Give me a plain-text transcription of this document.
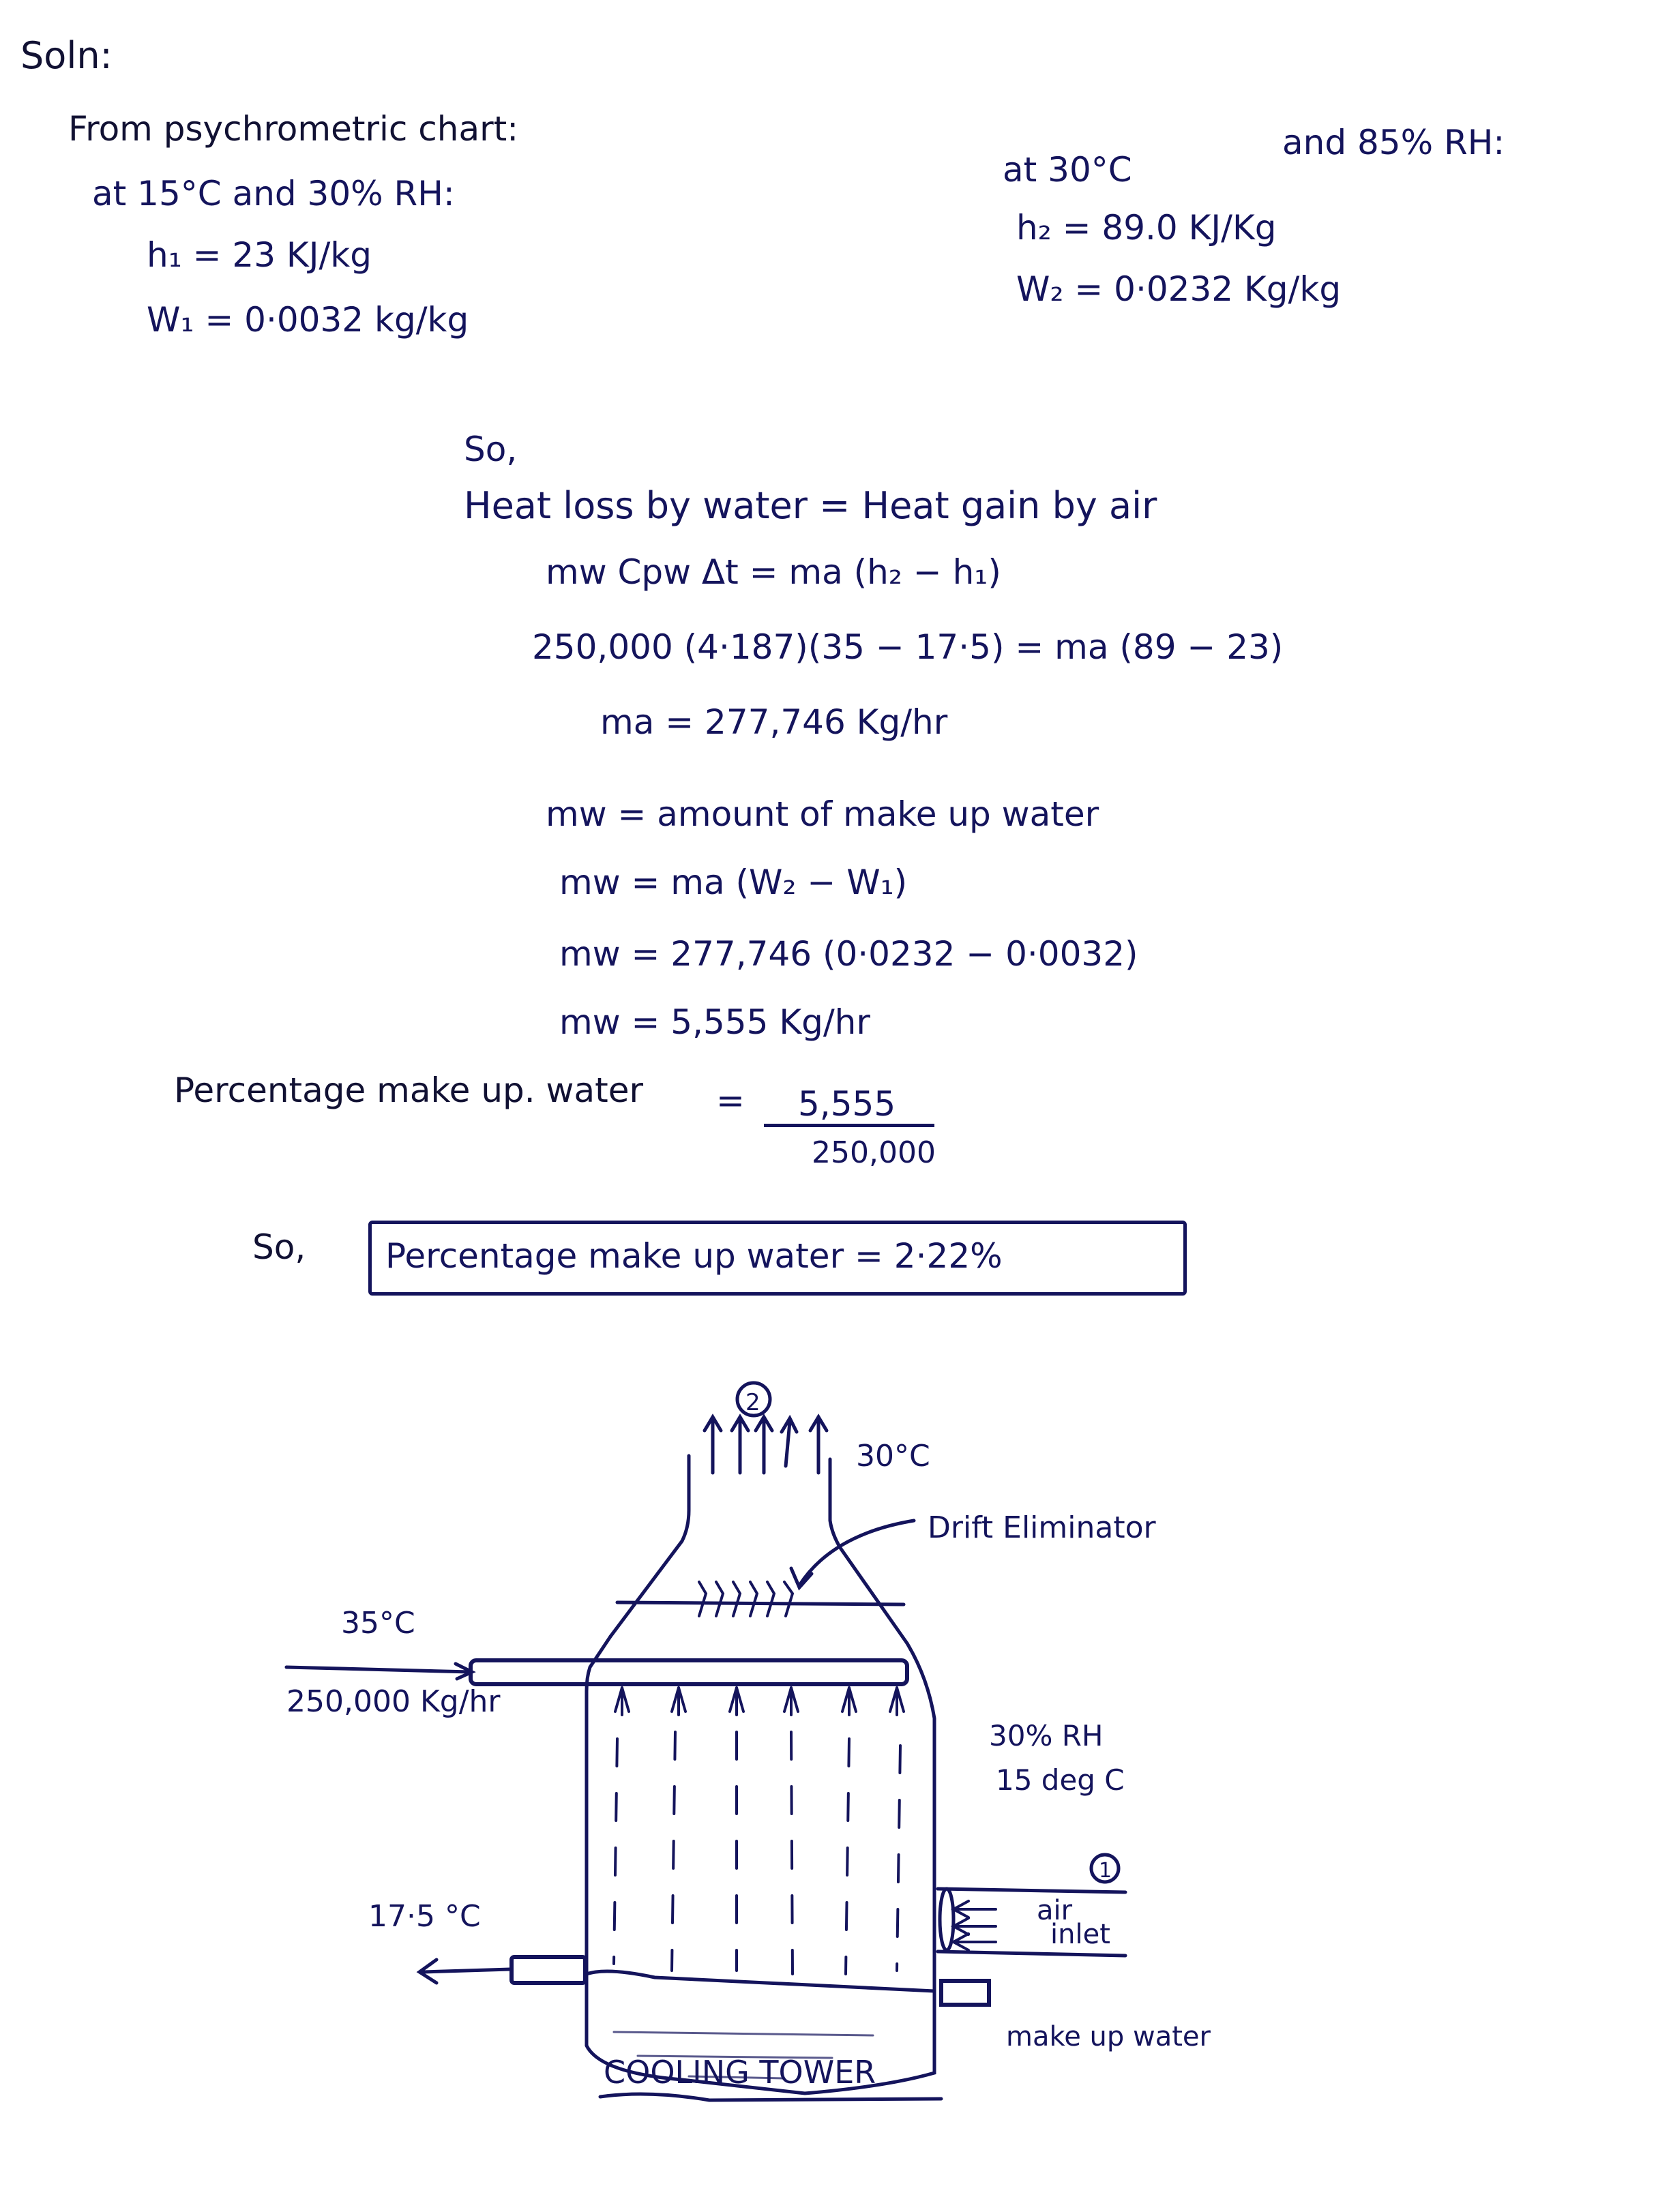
Soln:
From psychrometric chart:
at 15°C and 30% RH:
h₁ = 23 KJ/kg
W₁ = 0·0032 kg/kg
at 30°C
and 85% RH:
h₂ = 89.0 KJ/Kg
W₂ = 0·0232 Kg/kg
So,
Heat loss by water = Heat gain by air
mw Cpw Δt = ma (h₂ − h₁)
250,000 (4·187)(35 − 17·5) = ma (89 − 23)
ma = 277,746 Kg/hr
mw = amount of make up water
mw = ma (W₂ − W₁)
mw = 277,746 (0·0232 − 0·0032)
mw = 5,555 Kg/hr
Percentage make up. water = 5,555
250,000
So, Percentage make up water = 2·22%
2
30°C
Drift Eliminator
35°C
250,000 Kg/hr
17·5 °C
30% RH
15 deg C
1
air
inlet
make up water
COOLING TOWER
